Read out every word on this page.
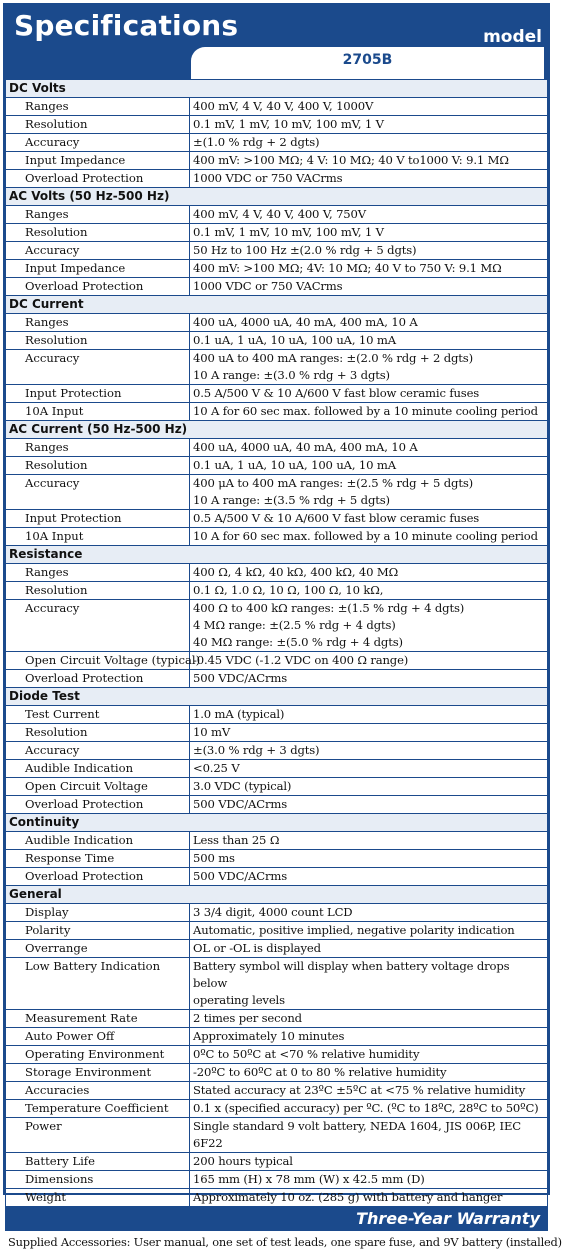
Specifications	model
2705B
DC Volts	
Ranges	400 mV, 4 V, 40 V, 400 V, 1000V

Resolution	0.1 mV, 1 mV, 10 mV, 100 mV, 1 V

Accuracy	±(1.0 % rdg + 2 dgts)

Input Impedance	400 mV: >100 MΩ; 4 V: 10 MΩ; 40 V to1000 V: 9.1 MΩ

Overload Protection	1000 VDC or 750 VACrms

AC Volts (50 Hz-500 Hz)	
Ranges	400 mV, 4 V, 40 V, 400 V, 750V

Resolution	0.1 mV, 1 mV, 10 mV, 100 mV, 1 V

Accuracy	50 Hz to 100 Hz ±(2.0 % rdg + 5 dgts)

Input Impedance	400 mV: >100 MΩ; 4V: 10 MΩ; 40 V to 750 V: 9.1 MΩ

Overload Protection	1000 VDC or 750 VACrms

DC Current	
Ranges	400 uA, 4000 uA, 40 mA, 400 mA, 10 A

Resolution	0.1 uA, 1 uA, 10 uA, 100 uA, 10 mA

Accuracy	400 uA to 400 mA ranges: ±(2.0 % rdg + 2 dgts)
10 A range: ±(3.0 % rdg + 3 dgts)

Input Protection	0.5 A/500 V & 10 A/600 V fast blow ceramic fuses

10A Input	10 A for 60 sec max. followed by a 10 minute cooling period

AC Current (50 Hz-500 Hz)	
Ranges	400 uA, 4000 uA, 40 mA, 400 mA, 10 A

Resolution	0.1 uA, 1 uA, 10 uA, 100 uA, 10 mA

Accuracy	400 μA to 400 mA ranges: ±(2.5 % rdg + 5 dgts)
10 A range: ±(3.5 % rdg + 5 dgts)

Input Protection	0.5 A/500 V & 10 A/600 V fast blow ceramic fuses

10A Input	10 A for 60 sec max. followed by a 10 minute cooling period

Resistance	
Ranges	400 Ω, 4 kΩ, 40 kΩ, 400 kΩ, 40 MΩ

Resolution	0.1 Ω, 1.0 Ω, 10 Ω, 100 Ω, 10 kΩ,

Accuracy	400 Ω to 400 kΩ ranges: ±(1.5 % rdg + 4 dgts)
4 MΩ range: ±(2.5 % rdg + 4 dgts)
40 MΩ range: ±(5.0 % rdg + 4 dgts)

Open Circuit Voltage (typical)	-0.45 VDC (-1.2 VDC on 400 Ω range)

Overload Protection	500 VDC/ACrms

Diode Test	
Test Current	1.0 mA (typical)

Resolution	10 mV

Accuracy	±(3.0 % rdg + 3 dgts)

Audible Indication	<0.25 V

Open Circuit Voltage	3.0 VDC (typical)

Overload Protection	500 VDC/ACrms

Continuity	
Audible Indication	Less than 25 Ω

Response Time	500 ms

Overload Protection	500 VDC/ACrms

General	
Display	3 3/4 digit, 4000 count LCD

Polarity	Automatic, positive implied, negative polarity indication

Overrange	OL or -OL is displayed

Low Battery Indication	Battery symbol will display when battery voltage drops below
operating levels

Measurement Rate	2 times per second

Auto Power Off	Approximately 10 minutes

Operating Environment	0ºC to 50ºC at <70 % relative humidity

Storage Environment	-20ºC to 60ºC at 0 to 80 % relative humidity

Accuracies	Stated accuracy at 23ºC ±5ºC at <75 % relative humidity

Temperature Coefficient	0.1 x (specified accuracy) per ºC. (ºC to 18ºC, 28ºC to 50ºC)

Power	Single standard 9 volt battery, NEDA 1604, JIS 006P, IEC 6F22

Battery Life	200 hours typical

Dimensions	165 mm (H) x 78 mm (W) x 42.5 mm (D)

Weight	Approximately 10 oz. (285 g) with battery and hanger
Three-Year Warranty
Supplied Accessories: User manual, one set of test leads, one spare fuse, and 9V battery (installed)
